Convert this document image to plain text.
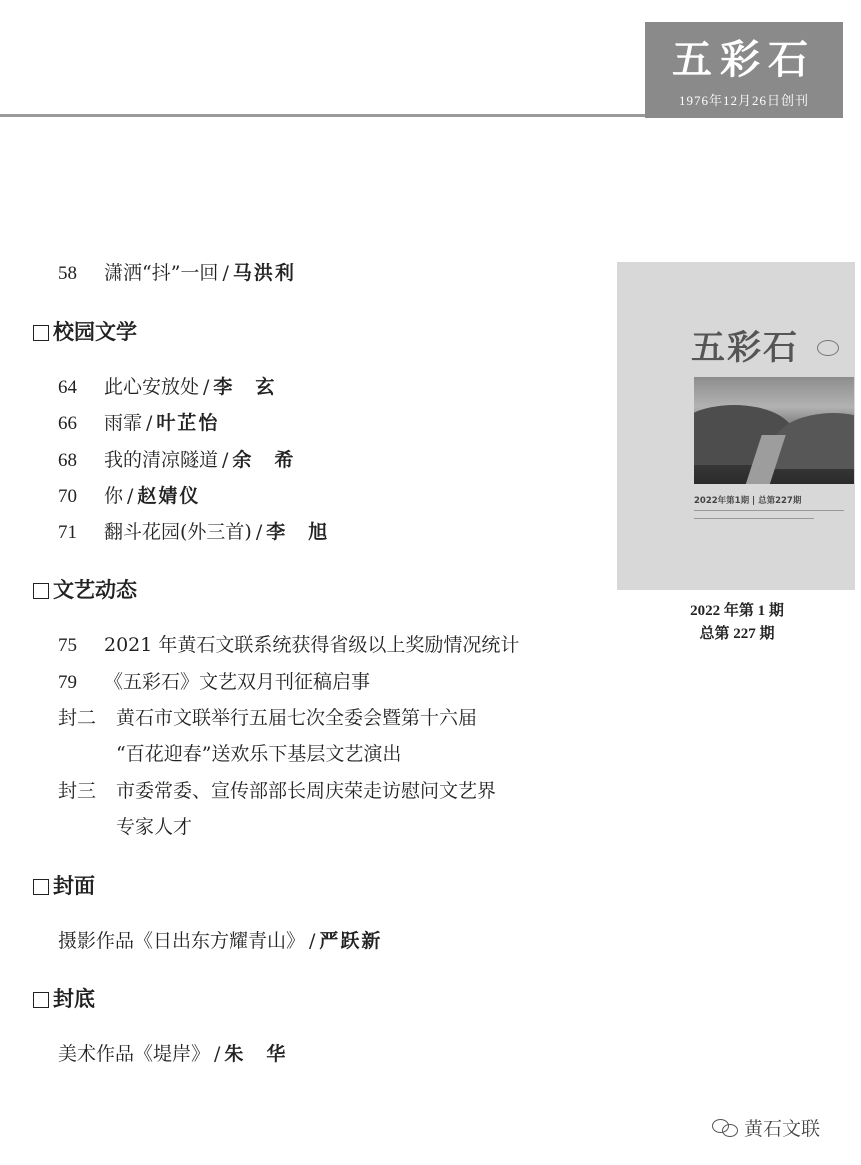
五彩石
1976年12月26日创刊
58 潇洒“抖”一回 / 马洪利
校园文学
64 此心安放处 / 李　玄
66 雨霏 / 叶芷怡
68 我的清凉隧道 / 余　希
70 你 / 赵婧仪
71 翻斗花园(外三首) / 李　旭
文艺动态
75 2021 年黄石文联系统获得省级以上奖励情况统计
79 《五彩石》文艺双月刊征稿启事
封二 黄石市文联举行五届七次全委会暨第十六届
“百花迎春”送欢乐下基层文艺演出
封三 市委常委、宣传部部长周庆荣走访慰问文艺界
专家人才
封面
摄影作品《日出东方耀青山》 / 严跃新
封底
美术作品《堤岸》 / 朱　华
五彩石
2022年第1期 | 总第227期
2022 年第 1 期
总第 227 期
黄石文联
